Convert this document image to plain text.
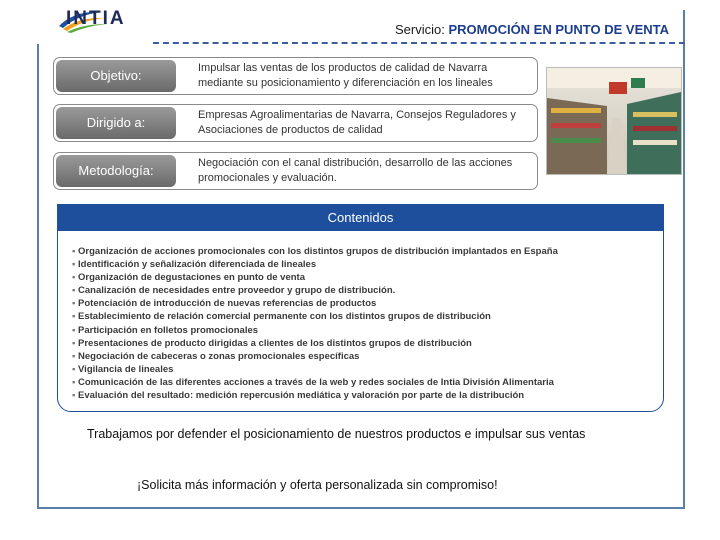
INTIA
Servicio: PROMOCIÓN EN PUNTO DE VENTA
Objetivo:	Impulsar las ventas de los productos de calidad de Navarra mediante su posicionamiento y diferenciación en los lineales
Dirigido a:	Empresas Agroalimentarias de Navarra, Consejos Reguladores y Asociaciones de productos de calidad
Metodología:	Negociación con el canal distribución, desarrollo de las acciones promocionales y evaluación.
Contenidos
▪ Organización de acciones promocionales con los distintos grupos de distribución implantados en España
▪ Identificación y señalización diferenciada de lineales
▪ Organización de degustaciones en punto de venta
▪ Canalización de necesidades entre proveedor y grupo de distribución.
▪ Potenciación de introducción de nuevas referencias de productos
▪ Establecimiento de relación comercial permanente con los distintos grupos de distribución
▪ Participación en folletos promocionales
▪ Presentaciones de producto dirigidas a clientes de los distintos grupos de distribución
▪ Negociación de cabeceras o zonas promocionales específicas
▪ Vigilancia de lineales
▪ Comunicación de las diferentes acciones a través de la web y redes sociales de Intia División Alimentaria
▪ Evaluación del resultado: medición repercusión mediática y valoración por parte de la distribución
Trabajamos por defender el posicionamiento de nuestros productos e impulsar sus ventas
¡Solicita más información y oferta personalizada sin compromiso!
